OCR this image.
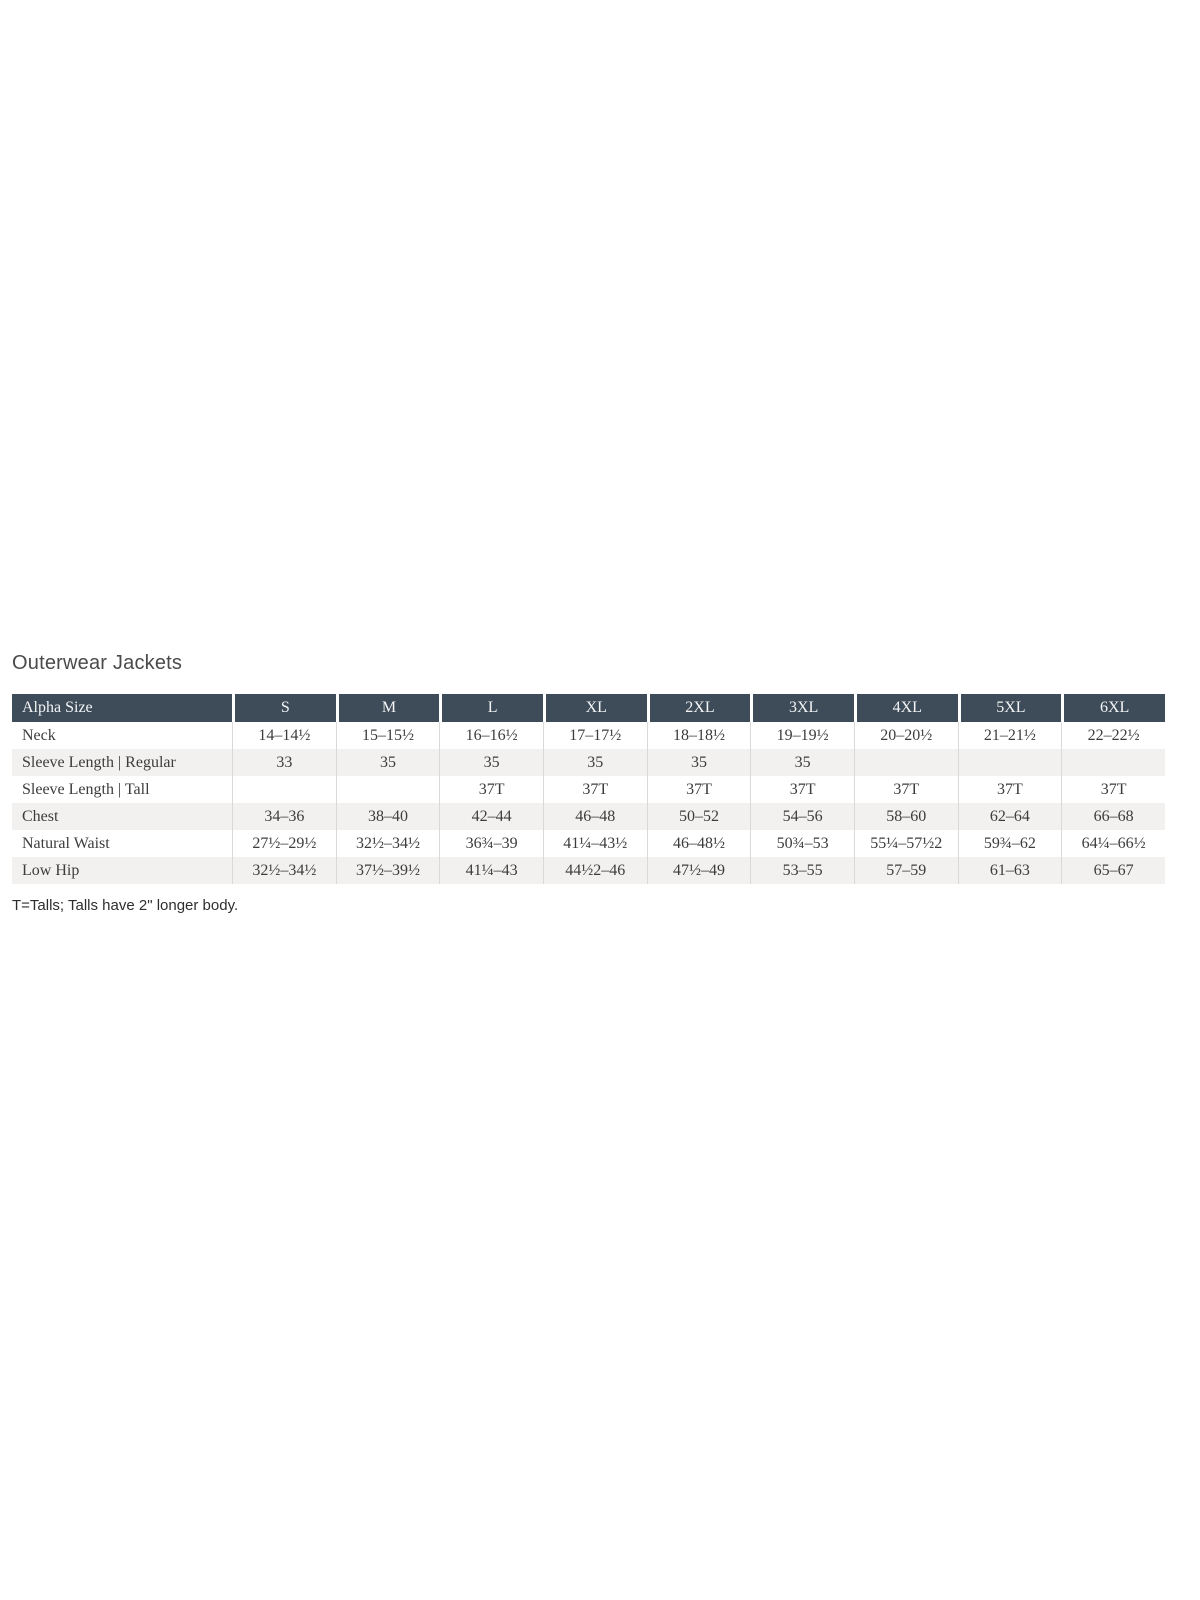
Outerwear Jackets
Alpha Size	S	M	L	XL	2XL	3XL	4XL	5XL	6XL
Neck	14–14½	15–15½	16–16½	17–17½	18–18½	19–19½	20–20½	21–21½	22–22½
Sleeve Length | Regular	33	35	35	35	35	35			
Sleeve Length | Tall			37T	37T	37T	37T	37T	37T	37T
Chest	34–36	38–40	42–44	46–48	50–52	54–56	58–60	62–64	66–68
Natural Waist	27½–29½	32½–34½	36¾–39	41¼–43½	46–48½	50¾–53	55¼–57½2	59¾–62	64¼–66½
Low Hip	32½–34½	37½–39½	41¼–43	44½2–46	47½–49	53–55	57–59	61–63	65–67
T=Talls; Talls have 2" longer body.
